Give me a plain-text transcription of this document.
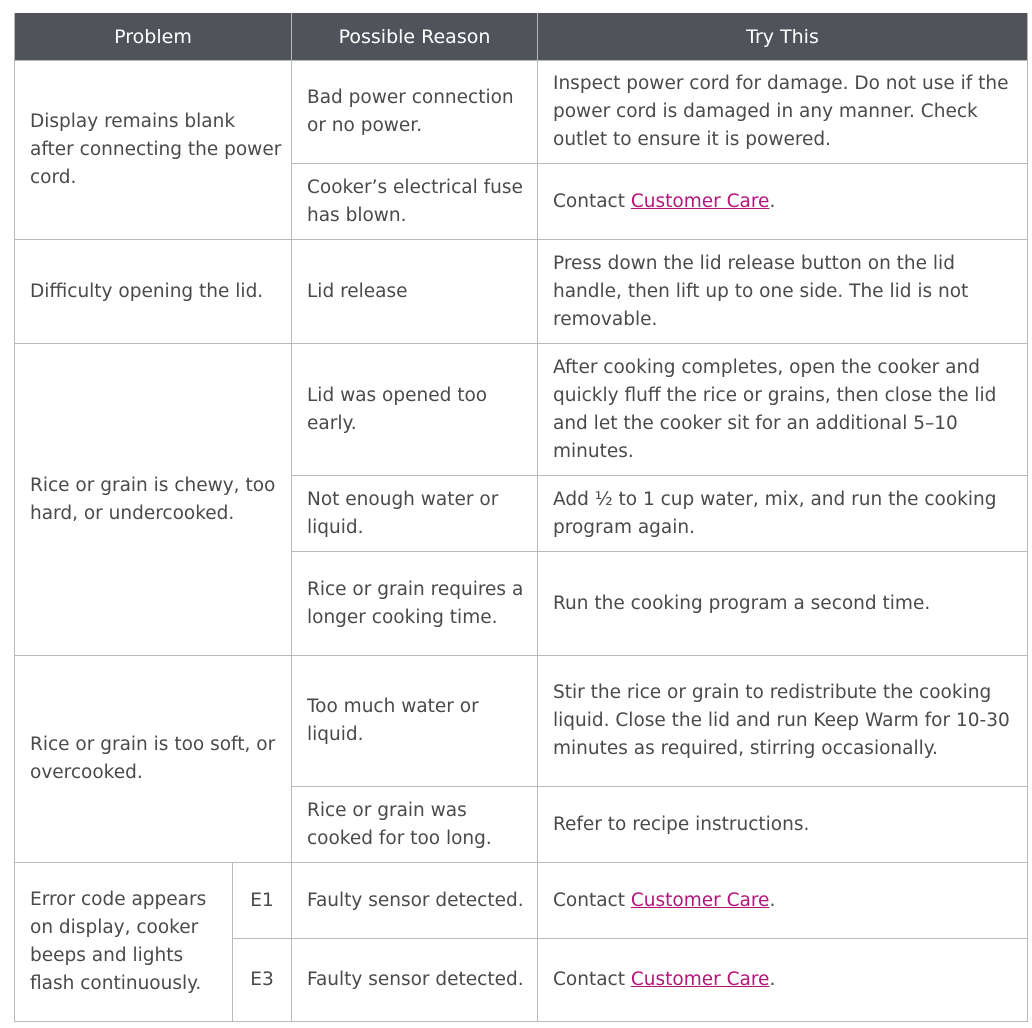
Problem		Possible Reason	Try This
Display remains blank after connecting the power cord.		Bad power connection or no power.	Inspect power cord for damage. Do not use if the power cord is damaged in any manner. Check outlet to ensure it is powered.
		Cooker’s electrical fuse has blown.	Contact Customer Care.
Difficulty opening the lid.		Lid release	Press down the lid release button on the lid handle, then lift up to one side. The lid is not removable.
Rice or grain is chewy, too hard, or undercooked.		Lid was opened too early.	After cooking completes, open the cooker and quickly fluff the rice or grains, then close the lid and let the cooker sit for an additional 5–10 minutes.
		Not enough water or liquid.	Add ½ to 1 cup water, mix, and run the cooking program again.
		Rice or grain requires a longer cooking time.	Run the cooking program a second time.
Rice or grain is too soft, or overcooked.		Too much water or liquid.	Stir the rice or grain to redistribute the cooking liquid. Close the lid and run Keep Warm for 10-30 minutes as required, stirring occasionally.
		Rice or grain was cooked for too long.	Refer to recipe instructions.
Error code appears on display, cooker beeps and lights flash continuously.	E1	Faulty sensor detected.	Contact Customer Care.
	E3	Faulty sensor detected.	Contact Customer Care.
